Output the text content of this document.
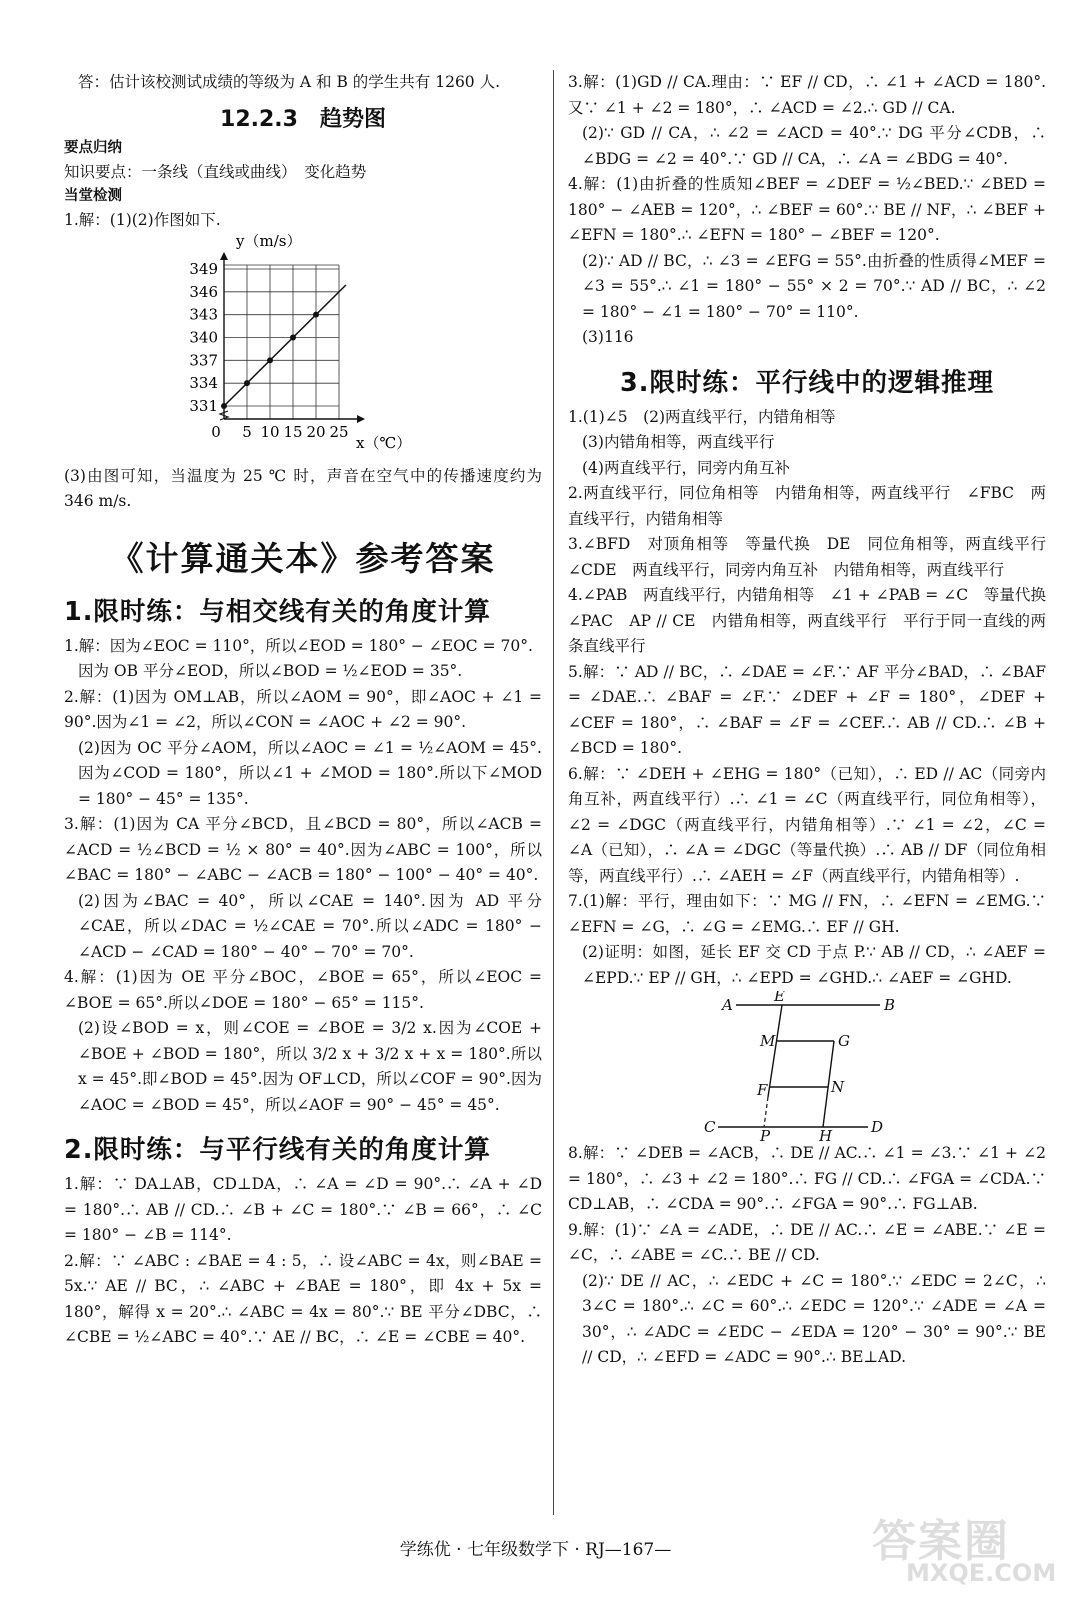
答：估计该校测试成绩的等级为 A 和 B 的学生共有 1260 人.

12.2.3　趋势图
要点归纳

知识要点：一条线（直线或曲线）　变化趋势

当堂检测

1.解：(1)(2)作图如下.

331
334
337
340
343
346
349
0 5 10 15 20 25
y（m/s）
x（℃）

(3)由图可知，当温度为 25 ℃ 时，声音在空气中的传播速度约为 346 m/s.

《计算通关本》参考答案
1.限时练：与相交线有关的角度计算

1.解：因为∠EOC = 110°，所以∠EOD = 180° − ∠EOC = 70°.

因为 OB 平分∠EOD，所以∠BOD = ½∠EOD = 35°.

2.解：(1)因为 OM⊥AB，所以∠AOM = 90°，即∠AOC + ∠1 = 90°.因为∠1 = ∠2，所以∠CON = ∠AOC + ∠2 = 90°.

(2)因为 OC 平分∠AOM，所以∠AOC = ∠1 = ½∠AOM = 45°.因为∠COD = 180°，所以∠1 + ∠MOD = 180°.所以下∠MOD = 180° − 45° = 135°.

3.解：(1)因为 CA 平分∠BCD，且∠BCD = 80°，所以∠ACB = ∠ACD = ½∠BCD = ½ × 80° = 40°.因为∠ABC = 100°，所以∠BAC = 180° − ∠ABC − ∠ACB = 180° − 100° − 40° = 40°.

(2)因为∠BAC = 40°，所以∠CAE = 140°.因为 AD 平分∠CAE，所以∠DAC = ½∠CAE = 70°.所以∠ADC = 180° − ∠ACD − ∠CAD = 180° − 40° − 70° = 70°.

4.解：(1)因为 OE 平分∠BOC，∠BOE = 65°，所以∠EOC = ∠BOE = 65°.所以∠DOE = 180° − 65° = 115°.

(2)设∠BOD = x，则∠COE = ∠BOE = 3/2 x.因为∠COE + ∠BOE + ∠BOD = 180°，所以 3/2 x + 3/2 x + x = 180°.所以 x = 45°.即∠BOD = 45°.因为 OF⊥CD，所以∠COF = 90°.因为∠AOC = ∠BOD = 45°，所以∠AOF = 90° − 45° = 45°.

2.限时练：与平行线有关的角度计算

1.解：∵ DA⊥AB，CD⊥DA，∴ ∠A = ∠D = 90°.∴ ∠A + ∠D = 180°.∴ AB // CD.∴ ∠B + ∠C = 180°.∵ ∠B = 66°，∴ ∠C = 180° − ∠B = 114°.

2.解：∵ ∠ABC : ∠BAE = 4 : 5，∴ 设∠ABC = 4x，则∠BAE = 5x.∵ AE // BC，∴ ∠ABC + ∠BAE = 180°，即 4x + 5x = 180°，解得 x = 20°.∴ ∠ABC = 4x = 80°.∵ BE 平分∠DBC，∴ ∠CBE = ½∠ABC = 40°.∵ AE // BC，∴ ∠E = ∠CBE = 40°.

3.解：(1)GD // CA.理由：∵ EF // CD，∴ ∠1 + ∠ACD = 180°.又∵ ∠1 + ∠2 = 180°，∴ ∠ACD = ∠2.∴ GD // CA.

(2)∵ GD // CA，∴ ∠2 = ∠ACD = 40°.∵ DG 平分∠CDB，∴ ∠BDG = ∠2 = 40°.∵ GD // CA，∴ ∠A = ∠BDG = 40°.

4.解：(1)由折叠的性质知∠BEF = ∠DEF = ½∠BED.∵ ∠BED = 180° − ∠AEB = 120°，∴ ∠BEF = 60°.∵ BE // NF，∴ ∠BEF + ∠EFN = 180°.∴ ∠EFN = 180° − ∠BEF = 120°.

(2)∵ AD // BC，∴ ∠3 = ∠EFG = 55°.由折叠的性质得∠MEF = ∠3 = 55°.∴ ∠1 = 180° − 55° × 2 = 70°.∵ AD // BC，∴ ∠2 = 180° − ∠1 = 180° − 70° = 110°.

(3)116

3.限时练：平行线中的逻辑推理

1.(1)∠5　(2)两直线平行，内错角相等

(3)内错角相等，两直线平行

(4)两直线平行，同旁内角互补

2.两直线平行，同位角相等　内错角相等，两直线平行　∠FBC　两直线平行，内错角相等

3.∠BFD　对顶角相等　等量代换　DE　同位角相等，两直线平行　∠CDE　两直线平行，同旁内角互补　内错角相等，两直线平行

4.∠PAB　两直线平行，内错角相等　∠1 + ∠PAB = ∠C　等量代换　∠PAC　AP // CE　内错角相等，两直线平行　平行于同一直线的两条直线平行

5.解：∵ AD // BC，∴ ∠DAE = ∠F.∵ AF 平分∠BAD，∴ ∠BAF = ∠DAE.∴ ∠BAF = ∠F.∵ ∠DEF + ∠F = 180°，∠DEF + ∠CEF = 180°，∴ ∠BAF = ∠F = ∠CEF.∴ AB // CD.∴ ∠B + ∠BCD = 180°.

6.解：∵ ∠DEH + ∠EHG = 180°（已知），∴ ED // AC（同旁内角互补，两直线平行）.∴ ∠1 = ∠C（两直线平行，同位角相等），∠2 = ∠DGC（两直线平行，内错角相等）.∵ ∠1 = ∠2，∠C = ∠A（已知），∴ ∠A = ∠DGC（等量代换）.∴ AB // DF（同位角相等，两直线平行）.∴ ∠AEH = ∠F（两直线平行，内错角相等）.

7.(1)解：平行，理由如下：∵ MG // FN，∴ ∠EFN = ∠EMG.∵ ∠EFN = ∠G，∴ ∠G = ∠EMG.∴ EF // GH.

(2)证明：如图，延长 EF 交 CD 于点 P.∵ AB // CD，∴ ∠AEF = ∠EPD.∵ EP // GH，∴ ∠EPD = ∠GHD.∴ ∠AEF = ∠GHD.

A	E	B
M	G
F	N
C	P	H	D

8.解：∵ ∠DEB = ∠ACB，∴ DE // AC.∴ ∠1 = ∠3.∵ ∠1 + ∠2 = 180°，∴ ∠3 + ∠2 = 180°.∴ FG // CD.∴ ∠FGA = ∠CDA.∵ CD⊥AB，∴ ∠CDA = 90°.∴ ∠FGA = 90°.∴ FG⊥AB.

9.解：(1)∵ ∠A = ∠ADE，∴ DE // AC.∴ ∠E = ∠ABE.∵ ∠E = ∠C，∴ ∠ABE = ∠C.∴ BE // CD.

(2)∵ DE // AC，∴ ∠EDC + ∠C = 180°.∵ ∠EDC = 2∠C，∴ 3∠C = 180°.∴ ∠C = 60°.∴ ∠EDC = 120°.∵ ∠ADE = ∠A = 30°，∴ ∠ADC = ∠EDC − ∠EDA = 120° − 30° = 90°.∵ BE // CD，∴ ∠EFD = ∠ADC = 90°.∴ BE⊥AD.

学练优 · 七年级数学下 · RJ—167—	答案圈
MXQE.COM
